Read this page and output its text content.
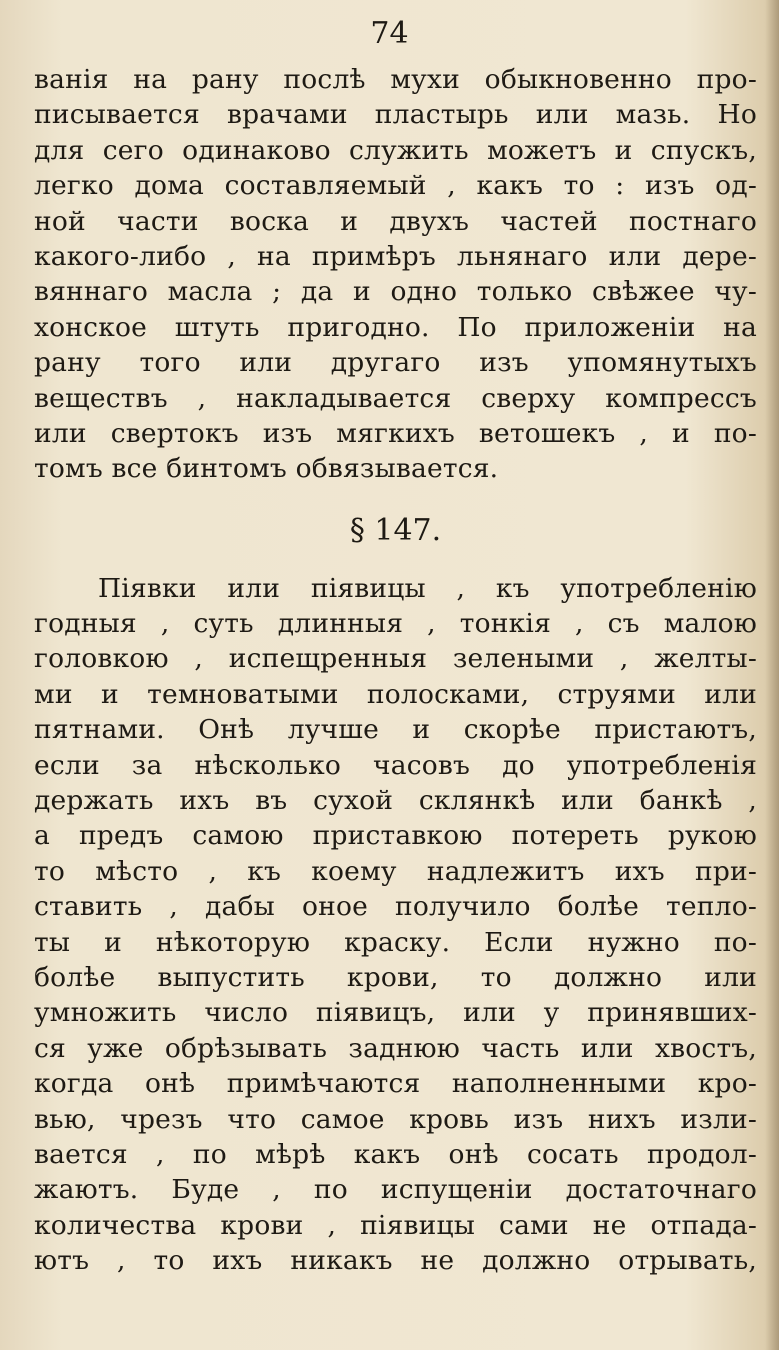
74
ванія на рану послѣ мухи обыкновенно про-
писывается врачами пластырь или мазь. Но
для сего одинаково служить можетъ и спускъ,
легко дома составляемый , какъ то : изъ од-
ной части воска и двухъ частей постнаго
какого-либо , на примѣръ льнянаго или дере-
вяннаго масла ; да и одно только свѣжее чу-
хонское штуть пригодно. По приложеніи на
рану того или другаго изъ упомянутыхъ
веществъ , накладывается сверху компрессъ
или свертокъ изъ мягкихъ ветошекъ , и по-
томъ все бинтомъ обвязывается.
§ 147.
Піявки или піявицы , къ употребленію
годныя , суть длинныя , тонкія , съ малою
головкою , испещренныя зелеными , желты-
ми и темноватыми полосками, струями или
пятнами. Онѣ лучше и скорѣе пристаютъ,
если за нѣсколько часовъ до употребленія
держать ихъ въ сухой склянкѣ или банкѣ ,
а предъ самою приставкою потереть рукою
то мѣсто , къ коему надлежитъ ихъ при-
ставить , дабы оное получило болѣе тепло-
ты и нѣкоторую краску. Если нужно по-
болѣе выпустить крови, то должно или
умножить число піявицъ, или у принявших-
ся уже обрѣзывать заднюю часть или хвостъ,
когда онѣ примѣчаются наполненными кро-
вью, чрезъ что самое кровь изъ нихъ изли-
вается , по мѣрѣ какъ онѣ сосать продол-
жаютъ. Буде , по испущеніи достаточнаго
количества крови , піявицы сами не отпада-
ютъ , то ихъ никакъ не должно отрывать,
